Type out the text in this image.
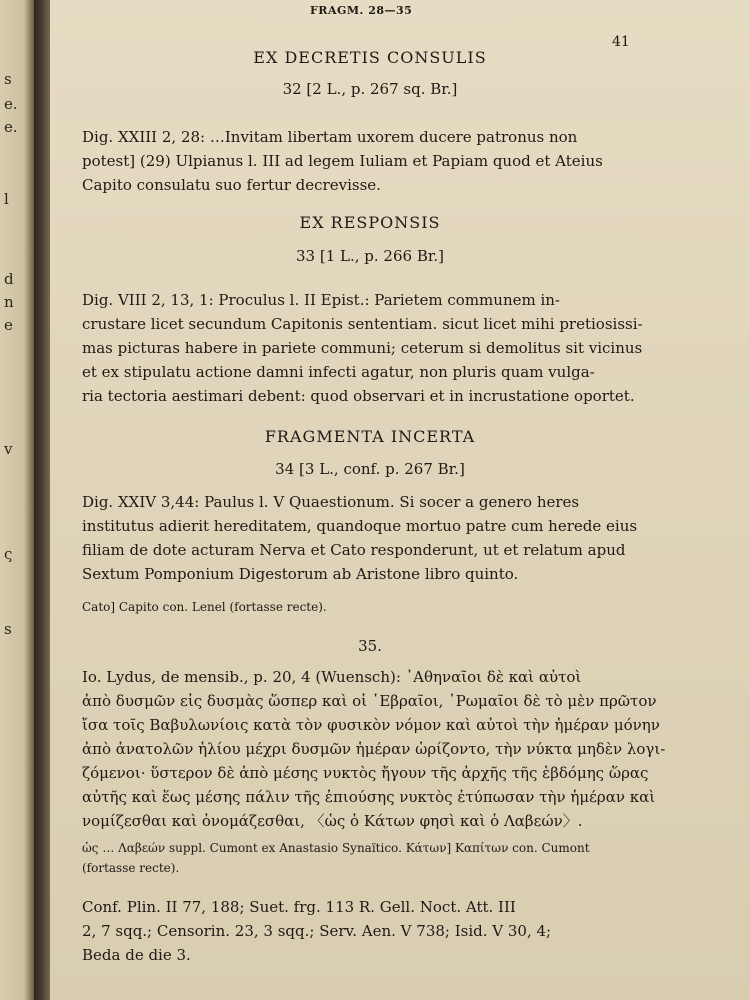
s
e.
e.
l
d
n
e
v
ς
s
FRAGM. 28—35
41
EX DECRETIS CONSULIS
32 [2 L., p. 267 sq. Br.]
Dig. XXIII 2, 28: …Invitam libertam uxorem ducere patronus non
potest] (29) Ulpianus l. III ad legem Iuliam et Papiam quod et Ateius
Capito consulatu suo fertur decrevisse.
EX RESPONSIS
33 [1 L., p. 266 Br.]
Dig. VIII 2, 13, 1: Proculus l. II Epist.: Parietem communem in-
crustare licet secundum Capitonis sententiam. sicut licet mihi pretiosissi-
mas picturas habere in pariete communi; ceterum si demolitus sit vicinus
et ex stipulatu actione damni infecti agatur, non pluris quam vulga-
ria tectoria aestimari debent: quod observari et in incrustatione oportet.
FRAGMENTA INCERTA
34 [3 L., conf. p. 267 Br.]
Dig. XXIV 3,44: Paulus l. V Quaestionum. Si socer a genero heres
institutus adierit hereditatem, quandoque mortuo patre cum herede eius
filiam de dote acturam Nerva et Cato responderunt, ut et relatum apud
Sextum Pomponium Digestorum ab Aristone libro quinto.
Cato] Capito con. Lenel (fortasse recte).
35.
Io. Lydus, de mensib., p. 20, 4 (Wuensch): ᾿Αθηναῖοι δὲ καὶ αὐτοὶ
ἀπὸ δυσμῶν εἰς δυσμὰς ὥσπερ καὶ οἱ ῾Εβραῖοι, ῾Ρωμαῖοι δὲ τὸ μὲν πρῶτον
ἴσα τοῖς Βαβυλωνίοις κατὰ τὸν φυσικὸν νόμον καὶ αὐτοὶ τὴν ἡμέραν μόνην
ἀπὸ ἀνατολῶν ἡλίου μέχρι δυσμῶν ἡμέραν ὡρίζοντο, τὴν νύκτα μηδὲν λογι-
ζόμενοι· ὕστερον δὲ ἀπὸ μέσης νυκτὸς ἤγουν τῆς ἀρχῆς τῆς ἑβδόμης ὥρας
αὐτῆς καὶ ἕως μέσης πάλιν τῆς ἐπιούσης νυκτὸς ἐτύπωσαν τὴν ἡμέραν καὶ
νομίζεσθαι καὶ ὀνομάζεσθαι, 〈ὡς ὁ Κάτων φησὶ καὶ ὁ Λαβεών〉.
ὡς … Λαβεών suppl. Cumont ex Anastasio Synaïtico. Κάτων] Καπίτων con. Cumont
(fortasse recte).
Conf. Plin. II 77, 188; Suet. frg. 113 R. Gell. Noct. Att. III
2, 7 sqq.; Censorin. 23, 3 sqq.; Serv. Aen. V 738; Isid. V 30, 4;
Beda de die 3.
